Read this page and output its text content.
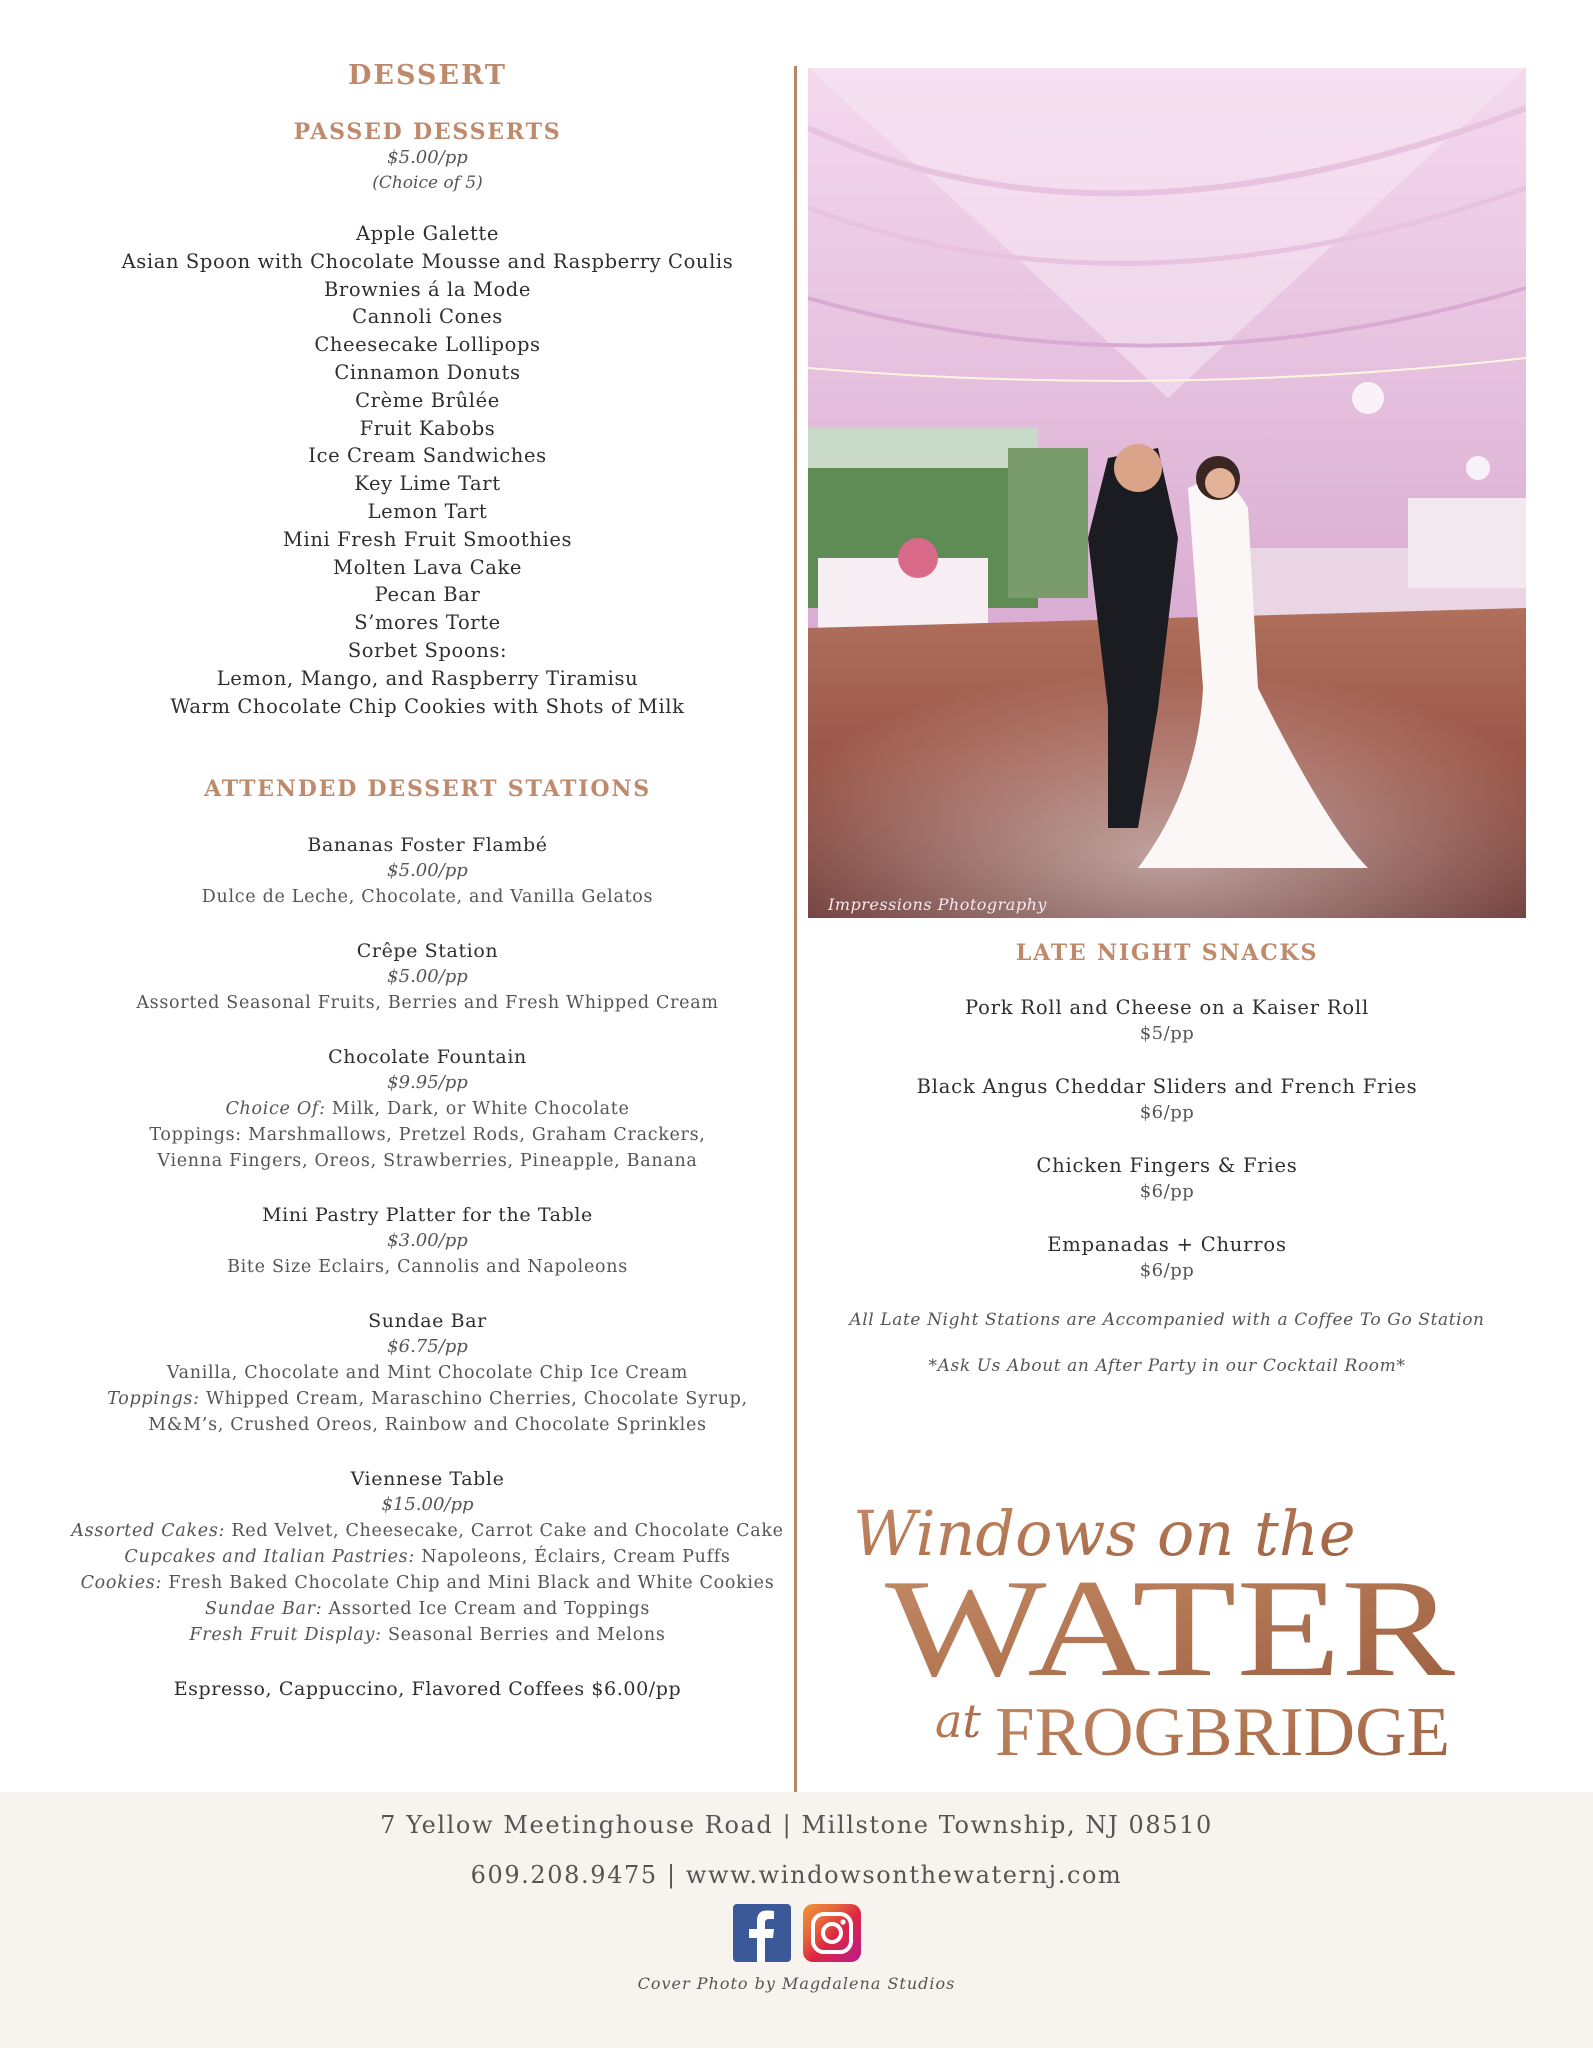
DESSERT
PASSED DESSERTS
$5.00/pp
(Choice of 5)
Apple Galette
Asian Spoon with Chocolate Mousse and Raspberry Coulis
Brownies á la Mode
Cannoli Cones
Cheesecake Lollipops
Cinnamon Donuts
Crème Brûlée
Fruit Kabobs
Ice Cream Sandwiches
Key Lime Tart
Lemon Tart
Mini Fresh Fruit Smoothies
Molten Lava Cake
Pecan Bar
S’mores Torte
Sorbet Spoons:
Lemon, Mango, and Raspberry Tiramisu
Warm Chocolate Chip Cookies with Shots of Milk
ATTENDED DESSERT STATIONS
Bananas Foster Flambé
$5.00/pp
Dulce de Leche, Chocolate, and Vanilla Gelatos
Crêpe Station
$5.00/pp
Assorted Seasonal Fruits, Berries and Fresh Whipped Cream
Chocolate Fountain
$9.95/pp
Choice Of: Milk, Dark, or White Chocolate
Toppings: Marshmallows, Pretzel Rods, Graham Crackers,
Vienna Fingers, Oreos, Strawberries, Pineapple, Banana
Mini Pastry Platter for the Table
$3.00/pp
Bite Size Eclairs, Cannolis and Napoleons
Sundae Bar
$6.75/pp
Vanilla, Chocolate and Mint Chocolate Chip Ice Cream
Toppings: Whipped Cream, Maraschino Cherries, Chocolate Syrup,
M&M’s, Crushed Oreos, Rainbow and Chocolate Sprinkles
Viennese Table
$15.00/pp
Assorted Cakes: Red Velvet, Cheesecake, Carrot Cake and Chocolate Cake
Cupcakes and Italian Pastries: Napoleons, Éclairs, Cream Puffs
Cookies: Fresh Baked Chocolate Chip and Mini Black and White Cookies
Sundae Bar: Assorted Ice Cream and Toppings
Fresh Fruit Display: Seasonal Berries and Melons
Espresso, Cappuccino, Flavored Coffees $6.00/pp
Impressions Photography
LATE NIGHT SNACKS
Pork Roll and Cheese on a Kaiser Roll
$5/pp
Black Angus Cheddar Sliders and French Fries
$6/pp
Chicken Fingers & Fries
$6/pp
Empanadas + Churros
$6/pp
All Late Night Stations are Accompanied with a Coffee To Go Station
*Ask Us About an After Party in our Cocktail Room*
Windows on the
WATER
at FROGBRIDGE
7 Yellow Meetinghouse Road | Millstone Township, NJ 08510
609.208.9475 | www.windowsonthewaternj.com
Cover Photo by Magdalena Studios
